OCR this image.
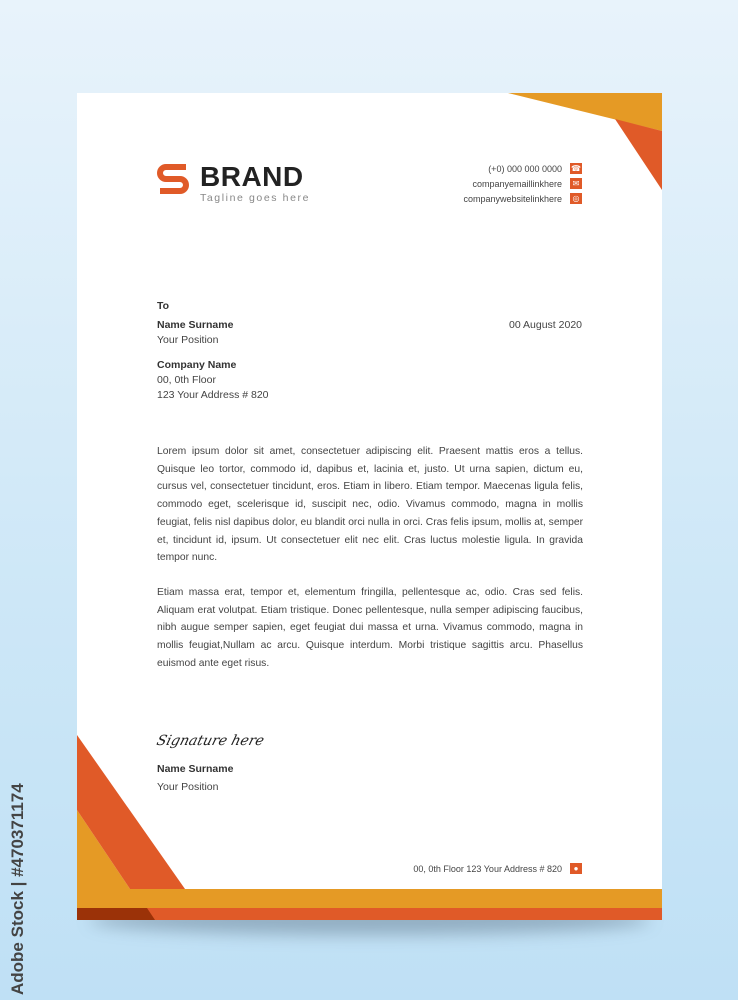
BRAND
Tagline goes here
(+0) 000 000 0000 ☎
companyemaillinkhere	✉
companywebsitelinkhere	◎
To
Name Surname
Your Position
00 August 2020
Company Name
00, 0th Floor
123 Your Address # 820
Lorem ipsum dolor sit amet, consectetuer adipiscing elit. Praesent mattis eros a tellus. Quisque leo tortor, commodo id, dapibus et, lacinia et, justo. Ut urna sapien, dictum eu, cursus vel, consectetuer tincidunt, eros. Etiam in libero. Etiam tempor. Maecenas ligula felis, commodo eget, scelerisque id, suscipit nec, odio. Vivamus commodo, magna in mollis feugiat, felis nisl dapibus dolor, eu blandit orci nulla in orci. Cras felis ipsum, mollis at, semper et, tincidunt id, ipsum. Ut consectetuer elit nec elit. Cras luctus molestie ligula. In gravida tempor nunc.
Etiam massa erat, tempor et, elementum fringilla, pellentesque ac, odio. Cras sed felis. Aliquam erat volutpat. Etiam tristique. Donec pellentesque, nulla semper adipiscing faucibus, nibh augue semper sapien, eget feugiat dui massa et urna. Vivamus commodo, magna in mollis feugiat,Nullam ac arcu. Quisque interdum. Morbi tristique sagittis arcu. Phasellus euismod ante eget risus.
Signature here
Name Surname
Your Position
00, 0th Floor 123 Your Address # 820	●
Adobe Stock | #470371174
